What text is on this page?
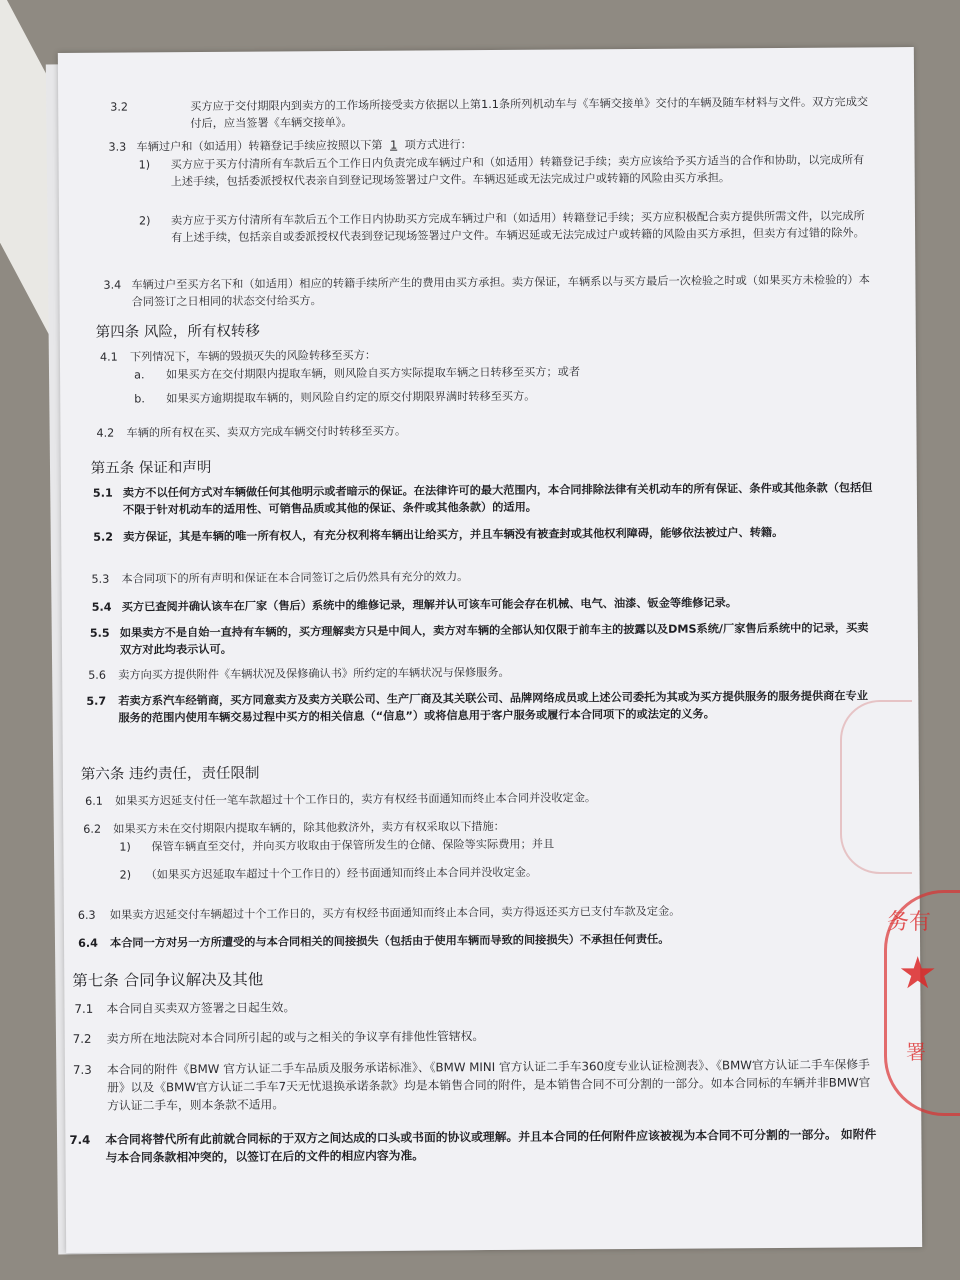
3.2	买方应于交付期限内到卖方的工作场所接受卖方依据以上第1.1条所列机动车与《车辆交接单》交付的车辆及随车材料与文件。双方完成交付后，应当签署《车辆交接单》。
3.3 车辆过户和（如适用）转籍登记手续应按照以下第 1 项方式进行：
1)	买方应于买方付清所有车款后五个工作日内负责完成车辆过户和（如适用）转籍登记手续；卖方应该给予买方适当的合作和协助，以完成所有上述手续，包括委派授权代表亲自到登记现场签署过户文件。车辆迟延或无法完成过户或转籍的风险由买方承担。
2)	卖方应于买方付清所有车款后五个工作日内协助买方完成车辆过户和（如适用）转籍登记手续；买方应积极配合卖方提供所需文件，以完成所有上述手续，包括亲自或委派授权代表到登记现场签署过户文件。车辆迟延或无法完成过户或转籍的风险由买方承担，但卖方有过错的除外。
3.4 车辆过户至买方名下和（如适用）相应的转籍手续所产生的费用由买方承担。卖方保证，车辆系以与买方最后一次检验之时或（如果买方未检验的）本合同签订之日相同的状态交付给买方。
第四条 风险，所有权转移
4.1	下列情况下，车辆的毁损灭失的风险转移至买方：
a.	如果买方在交付期限内提取车辆，则风险自买方实际提取车辆之日转移至买方；或者
b.	如果买方逾期提取车辆的，则风险自约定的原交付期限界满时转移至买方。
4.2	车辆的所有权在买、卖双方完成车辆交付时转移至买方。
第五条 保证和声明
5.1 卖方不以任何方式对车辆做任何其他明示或者暗示的保证。在法律许可的最大范围内，本合同排除法律有关机动车的所有保证、条件或其他条款（包括但不限于针对机动车的适用性、可销售品质或其他的保证、条件或其他条款）的适用。
5.2 卖方保证，其是车辆的唯一所有权人，有充分权利将车辆出让给买方，并且车辆没有被查封或其他权利障碍，能够依法被过户、转籍。
5.3	本合同项下的所有声明和保证在本合同签订之后仍然具有充分的效力。
5.4 买方已查阅并确认该车在厂家（售后）系统中的维修记录，理解并认可该车可能会存在机械、电气、油漆、钣金等维修记录。
5.5 如果卖方不是自始一直持有车辆的，买方理解卖方只是中间人，卖方对车辆的全部认知仅限于前车主的披露以及DMS系统/厂家售后系统中的记录，买卖双方对此均表示认可。
5.6	卖方向买方提供附件《车辆状况及保修确认书》所约定的车辆状况与保修服务。
5.7	若卖方系汽车经销商，买方同意卖方及卖方关联公司、生产厂商及其关联公司、品牌网络成员或上述公司委托为其或为买方提供服务的服务提供商在专业服务的范围内使用车辆交易过程中买方的相关信息（“信息”）或将信息用于客户服务或履行本合同项下的或法定的义务。
第六条 违约责任，责任限制
6.1	如果买方迟延支付任一笔车款超过十个工作日的，卖方有权经书面通知而终止本合同并没收定金。
6.2	如果买方未在交付期限内提取车辆的，除其他救济外，卖方有权采取以下措施：
1)	保管车辆直至交付，并向买方收取由于保管所发生的仓储、保险等实际费用；并且
2)	（如果买方迟延取车超过十个工作日的）经书面通知而终止本合同并没收定金。
6.3	如果卖方迟延交付车辆超过十个工作日的，买方有权经书面通知而终止本合同，卖方得返还买方已支付车款及定金。
6.4	本合同一方对另一方所遭受的与本合同相关的间接损失（包括由于使用车辆而导致的间接损失）不承担任何责任。
第七条 合同争议解决及其他
7.1	本合同自买卖双方签署之日起生效。
7.2	卖方所在地法院对本合同所引起的或与之相关的争议享有排他性管辖权。
7.3	本合同的附件《BMW 官方认证二手车品质及服务承诺标准》、《BMW MINI 官方认证二手车360度专业认证检测表》、《BMW官方认证二手车保修手册》以及《BMW官方认证二手车7天无忧退换承诺条款》均是本销售合同的附件，是本销售合同不可分割的一部分。如本合同标的车辆并非BMW官方认证二手车，则本条款不适用。
7.4	本合同将替代所有此前就合同标的于双方之间达成的口头或书面的协议或理解。并且本合同的任何附件应该被视为本合同不可分割的一部分。 如附件与本合同条款相冲突的，以签订在后的文件的相应内容为准。
务有
★
署
